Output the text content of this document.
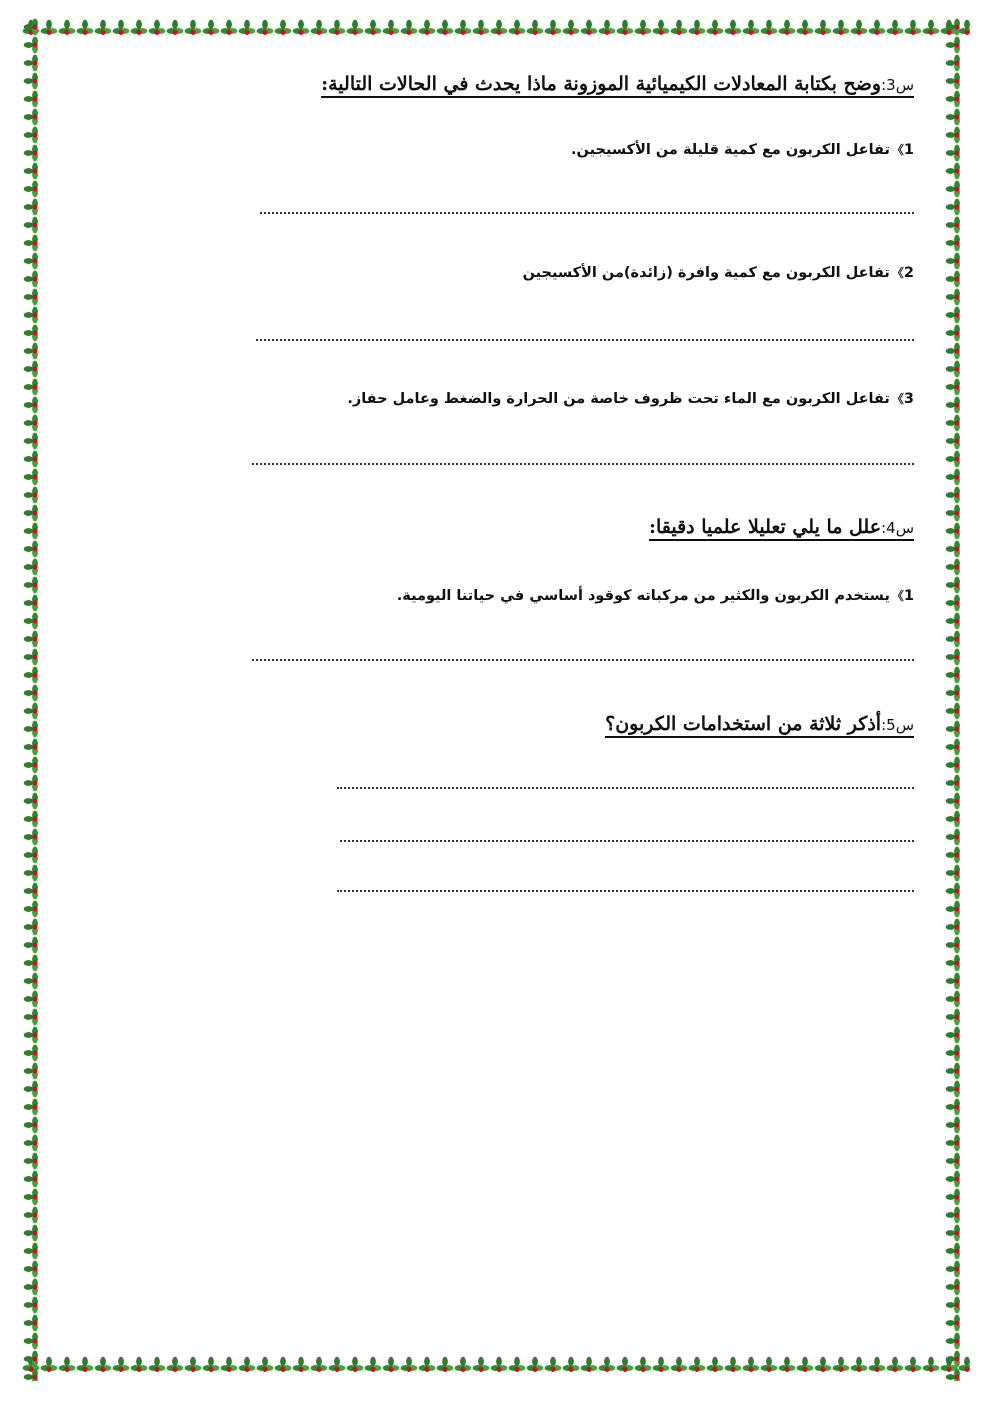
س3:وضح بكتابة المعادلات الكيميائية الموزونة ماذا يحدث في الحالات التالية:
1》تفاعل الكربون مع كمية قليلة من الأكسيجين.
2》تفاعل الكربون مع كمية وافرة (زائدة)من الأكسيجين
3》تفاعل الكربون مع الماء تحت ظروف خاصة من الحرارة والضغط وعامل حفاز.
س4:علل ما يلي تعليلا علميا دقيقا:
1》يستخدم الكربون والكثير من مركباته كوقود أساسي في حياتنا اليومية.
س5:أذكر ثلاثة من استخدامات الكربون؟
